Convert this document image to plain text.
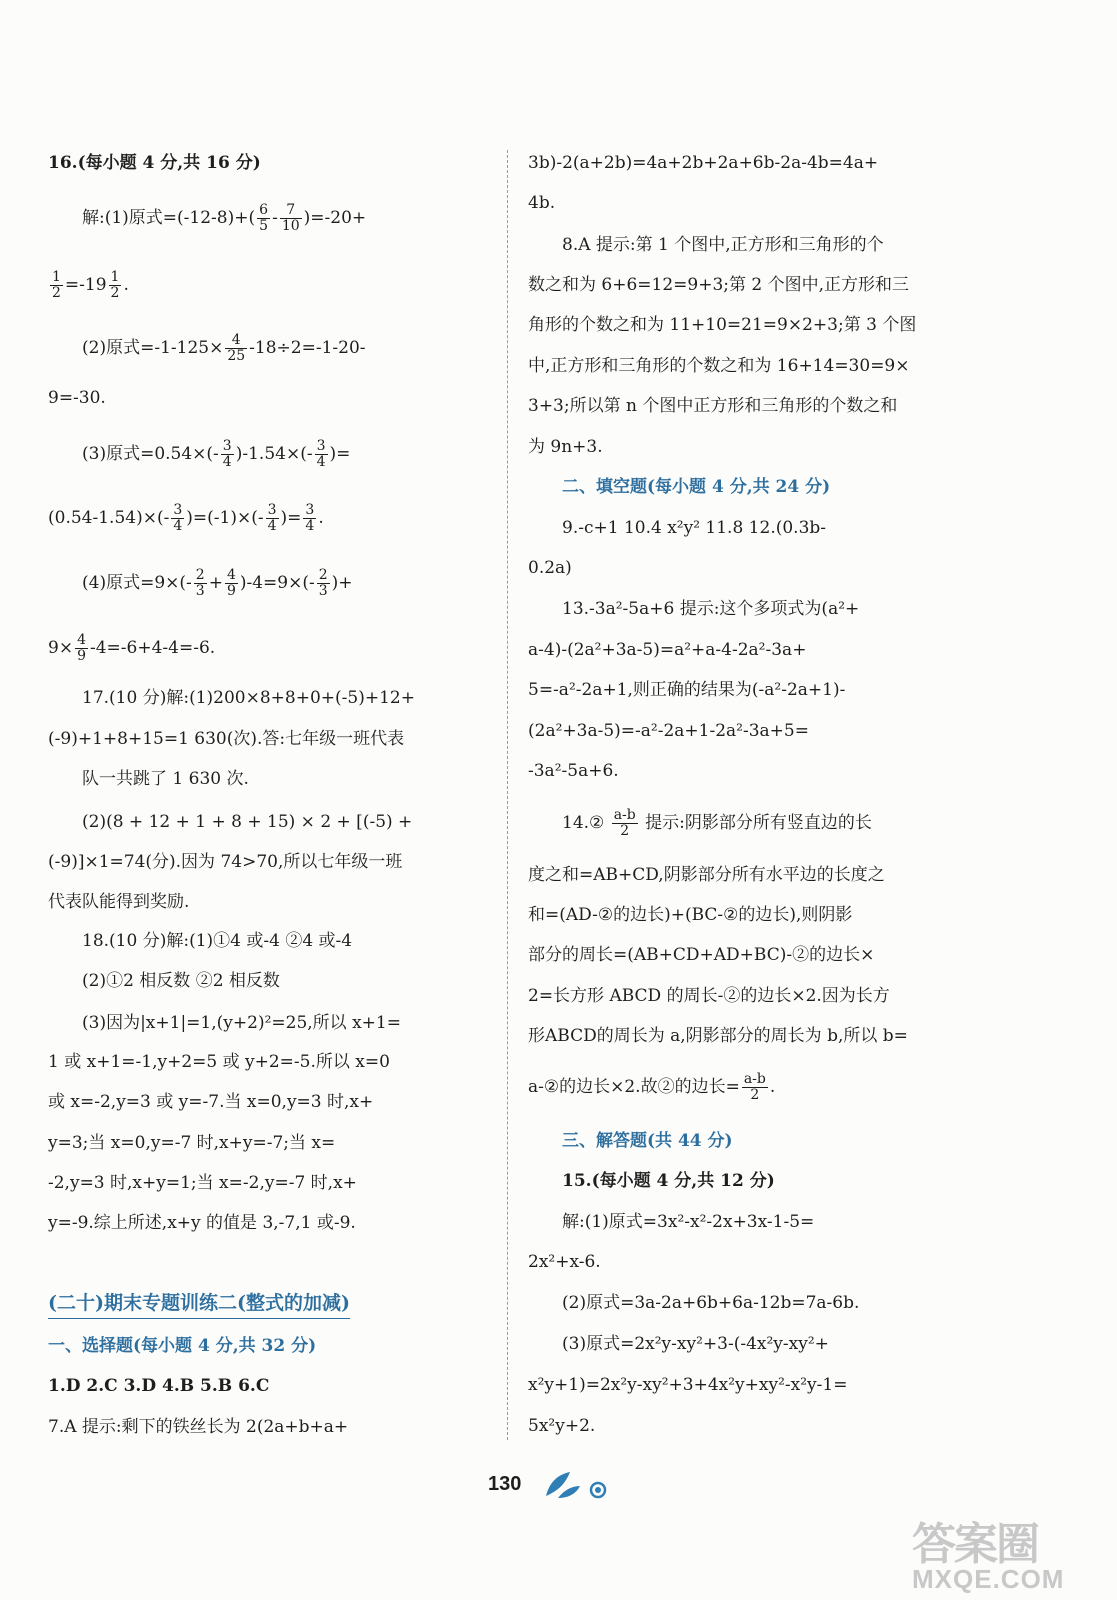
16.(每小题 4 分,共 16 分)
解:(1)原式$=(-12-8)+( \frac{6}{5} - \frac{7}{10} )=-20+$
$\frac{1}{2} =-19 \frac{1}{2}$ .
(2)原式$=-1-125\times \frac{4}{25} -18\div 2=-1-20-$
9=-30.
(3)原式$=0.54\times(- \frac{3}{4} )-1.54\times(- \frac{3}{4}$ )=
$(0.54-1.54)\times(- \frac{3}{4} )=(-1)\times(- \frac{3}{4}$ )= $\frac{3}{4}$ .
(4)原式$=9\times(- \frac{2}{3} + \frac{4}{9} )-4=9\times(- \frac{2}{3}$ )+
$9\times \frac{4}{9} -4=-6+4-4=-6$.
17.(10 分)解:(1)200×8+8+0+(-5)+12+
(-9)+1+8+15=1 630(次).答:七年级一班代表
队一共跳了 1 630 次.
(2)(8 + 12 + 1 + 8 + 15) × 2 + [(-5) +
(-9)]×1=74(分).因为 74>70,所以七年级一班
代表队能得到奖励.
18.(10 分)解:(1)①4 或-4 ②4 或-4
(2)①2 相反数 ②2 相反数
(3)因为|x+1|=1,(y+2)²=25,所以 x+1=
1 或 x+1=-1,y+2=5 或 y+2=-5.所以 x=0
或 x=-2,y=3 或 y=-7.当 x=0,y=3 时,x+
y=3;当 x=0,y=-7 时,x+y=-7;当 x=
-2,y=3 时,x+y=1;当 x=-2,y=-7 时,x+
y=-9.综上所述,x+y 的值是 3,-7,1 或-9.
(二十)期末专题训练二(整式的加减)
一、选择题(每小题 4 分,共 32 分)
1.D 2.C 3.D 4.B 5.B 6.C
7.A 提示:剩下的铁丝长为 2(2a+b+a+
3b)-2(a+2b)=4a+2b+2a+6b-2a-4b=4a+
4b.
8.A 提示:第 1 个图中,正方形和三角形的个
数之和为 6+6=12=9+3;第 2 个图中,正方形和三
角形的个数之和为 11+10=21=9×2+3;第 3 个图
中,正方形和三角形的个数之和为 16+14=30=9×
3+3;所以第 n 个图中正方形和三角形的个数之和
为 9n+3.
二、填空题(每小题 4 分,共 24 分)
9.-c+1 10.4 x²y² 11.8 12.(0.3b-
0.2a)
13.-3a²-5a+6 提示:这个多项式为(a²+
a-4)-(2a²+3a-5)=a²+a-4-2a²-3a+
5=-a²-2a+1,则正确的结果为(-a²-2a+1)-
(2a²+3a-5)=-a²-2a+1-2a²-3a+5=
-3a²-5a+6.
14.② $\frac{a-b}{2}$ 提示:阴影部分所有竖直边的长
度之和=AB+CD,阴影部分所有水平边的长度之
和=(AD-②的边长)+(BC-②的边长),则阴影
部分的周长=(AB+CD+AD+BC)-②的边长×
2=长方形 ABCD 的周长-②的边长×2.因为长方
形ABCD的周长为 a,阴影部分的周长为 b,所以 b=
a-②的边长×2.故②的边长= $\frac{a-b}{2}$ .
三、解答题(共 44 分)
15.(每小题 4 分,共 12 分)
解:(1)原式=3x²-x²-2x+3x-1-5=
2x²+x-6.
(2)原式=3a-2a+6b+6a-12b=7a-6b.
(3)原式=2x²y-xy²+3-(-4x²y-xy²+
x²y+1)=2x²y-xy²+3+4x²y+xy²-x²y-1=
5x²y+2.
130
答案圈
MXQE.COM
